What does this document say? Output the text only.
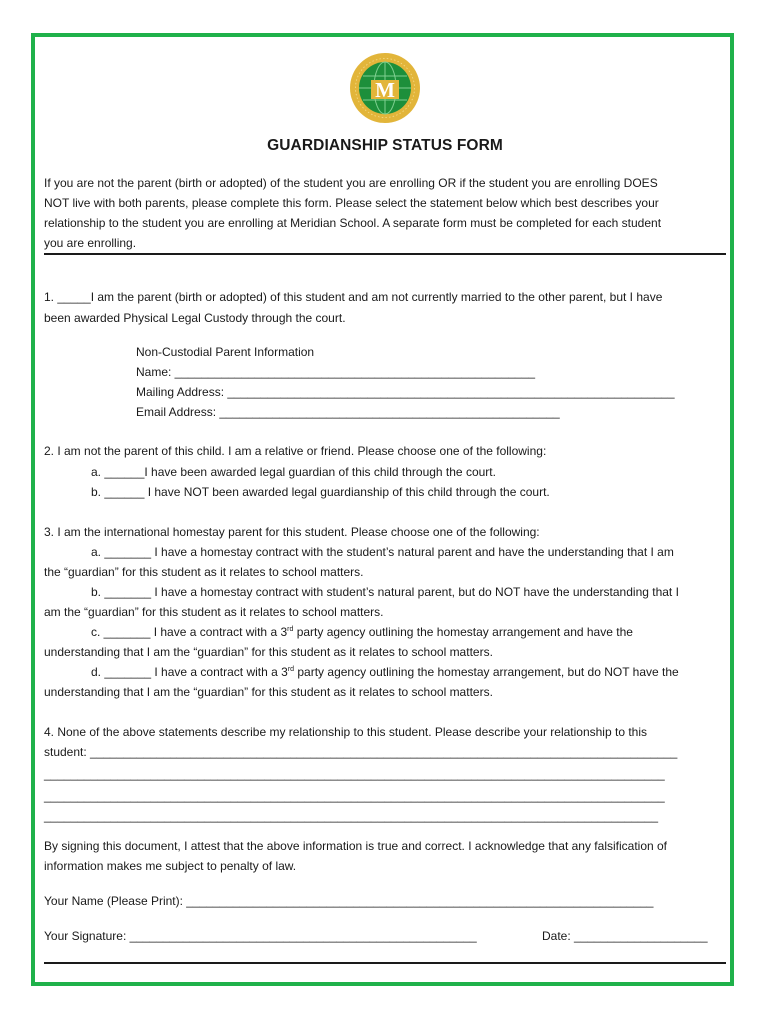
M
GUARDIANSHIP STATUS FORM
If you are not the parent (birth or adopted) of the student you are enrolling OR if the student you are enrolling DOES
NOT live with both parents, please complete this form. Please select the statement below which best describes your
relationship to the student you are enrolling at Meridian School. A separate form must be completed for each student
you are enrolling.
1. _____I am the parent (birth or adopted) of this student and am not currently married to the other parent, but I have
been awarded Physical Legal Custody through the court.
Non-Custodial Parent Information
Name: ______________________________________________________
Mailing Address: ___________________________________________________________________
Email Address: ___________________________________________________
2. I am not the parent of this child. I am a relative or friend. Please choose one of the following:
a. ______I have been awarded legal guardian of this child through the court.
b. ______ I have NOT been awarded legal guardianship of this child through the court.
3. I am the international homestay parent for this student. Please choose one of the following:
a. _______ I have a homestay contract with the student’s natural parent and have the understanding that I am
the “guardian” for this student as it relates to school matters.
b. _______ I have a homestay contract with student’s natural parent, but do NOT have the understanding that I
am the “guardian” for this student as it relates to school matters.
c. _______ I have a contract with a 3rd party agency outlining the homestay arrangement and have the
understanding that I am the “guardian” for this student as it relates to school matters.
d. _______ I have a contract with a 3rd party agency outlining the homestay arrangement, but do NOT have the
understanding that I am the “guardian” for this student as it relates to school matters.
4. None of the above statements describe my relationship to this student. Please describe your relationship to this
student: ________________________________________________________________________________________
_____________________________________________________________________________________________
_____________________________________________________________________________________________
____________________________________________________________________________________________
By signing this document, I attest that the above information is true and correct. I acknowledge that any falsification of
information makes me subject to penalty of law.
Your Name (Please Print): ______________________________________________________________________
Your Signature: ____________________________________________________	Date: ____________________
